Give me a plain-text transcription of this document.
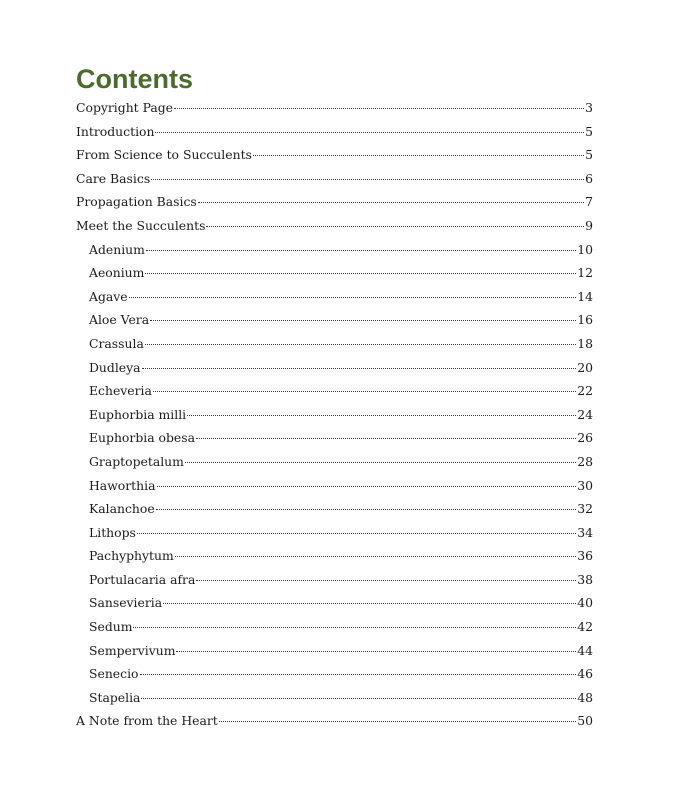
Contents
Copyright Page	3
Introduction	5
From Science to Succulents	5
Care Basics	6
Propagation Basics	7
Meet the Succulents	9
Adenium	10
Aeonium	12
Agave	14
Aloe Vera	16
Crassula	18
Dudleya	20
Echeveria	22
Euphorbia milli	24
Euphorbia obesa	26
Graptopetalum	28
Haworthia	30
Kalanchoe	32
Lithops	34
Pachyphytum	36
Portulacaria afra	38
Sansevieria	40
Sedum	42
Sempervivum	44
Senecio	46
Stapelia	48
A Note from the Heart	50
